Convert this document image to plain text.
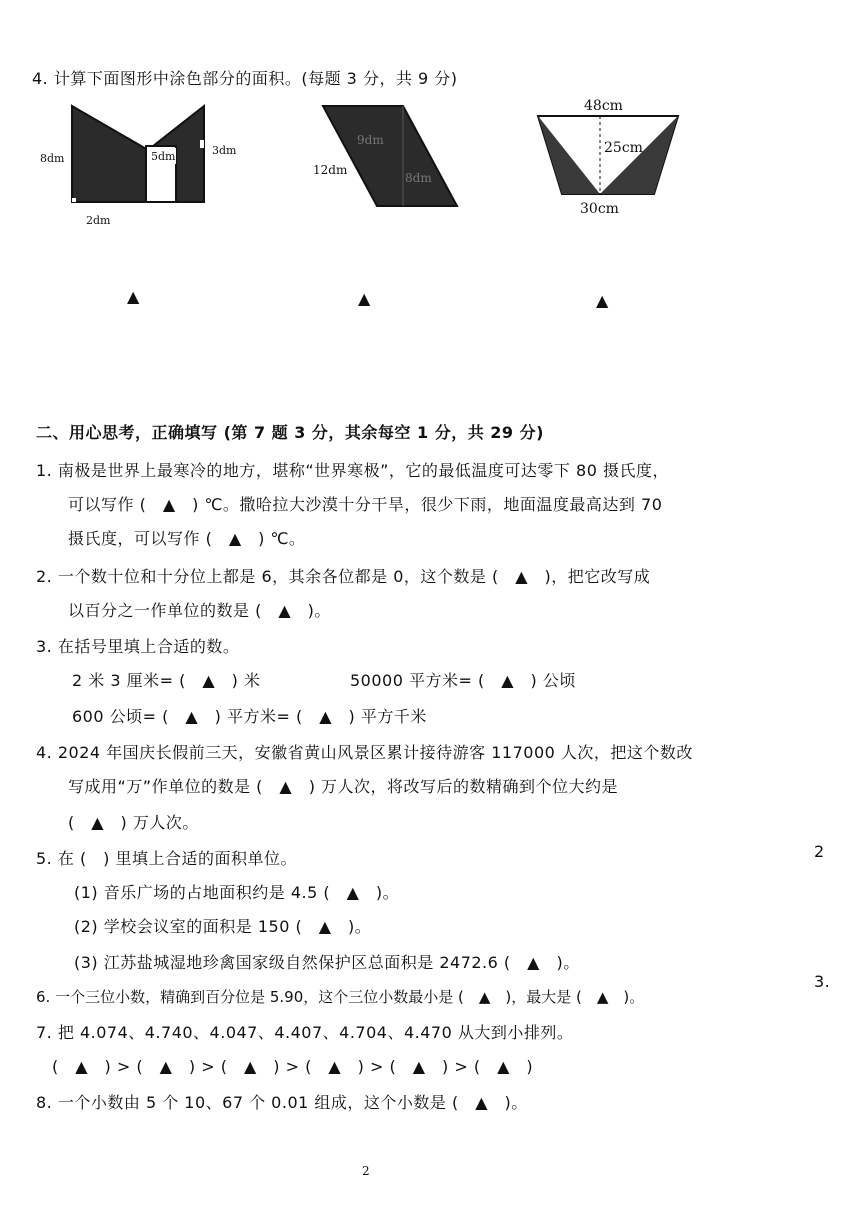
4. 计算下面图形中涂色部分的面积。(每题 3 分，共 9 分)
8dm	5dm	3dm
2dm
12dm
9dm
8dm
48cm
25cm
30cm
▲	▲	▲
二、用心思考，正确填写 (第 7 题 3 分，其余每空 1 分，共 29 分)
1. 南极是世界上最寒冷的地方，堪称“世界寒极”，它的最低温度可达零下 80 摄氏度，
可以写作 (　▲　) ℃。撒哈拉大沙漠十分干旱，很少下雨，地面温度最高达到 70
摄氏度，可以写作 (　▲　) ℃。
2. 一个数十位和十分位上都是 6，其余各位都是 0，这个数是 (　▲　)，把它改写成
以百分之一作单位的数是 (　▲　)。
3. 在括号里填上合适的数。
2 米 3 厘米= (　▲　) 米	50000 平方米= (　▲　) 公顷
600 公顷= (　▲　) 平方米= (　▲　) 平方千米
4. 2024 年国庆长假前三天，安徽省黄山风景区累计接待游客 117000 人次，把这个数改
写成用“万”作单位的数是 (　▲　) 万人次，将改写后的数精确到个位大约是
(　▲　) 万人次。
5. 在 (　) 里填上合适的面积单位。
(1) 音乐广场的占地面积约是 4.5 (　▲　)。
(2) 学校会议室的面积是 150 (　▲　)。
(3) 江苏盐城湿地珍禽国家级自然保护区总面积是 2472.6 (　▲　)。
6. 一个三位小数，精确到百分位是 5.90，这个三位小数最小是 (　▲　)，最大是 (　▲　)。
7. 把 4.074、4.740、4.047、4.407、4.704、4.470 从大到小排列。
(　▲　) > (　▲　) > (　▲　) > (　▲　) > (　▲　) > (　▲　)
8. 一个小数由 5 个 10、67 个 0.01 组成，这个小数是 (　▲　)。
2
3.
2
